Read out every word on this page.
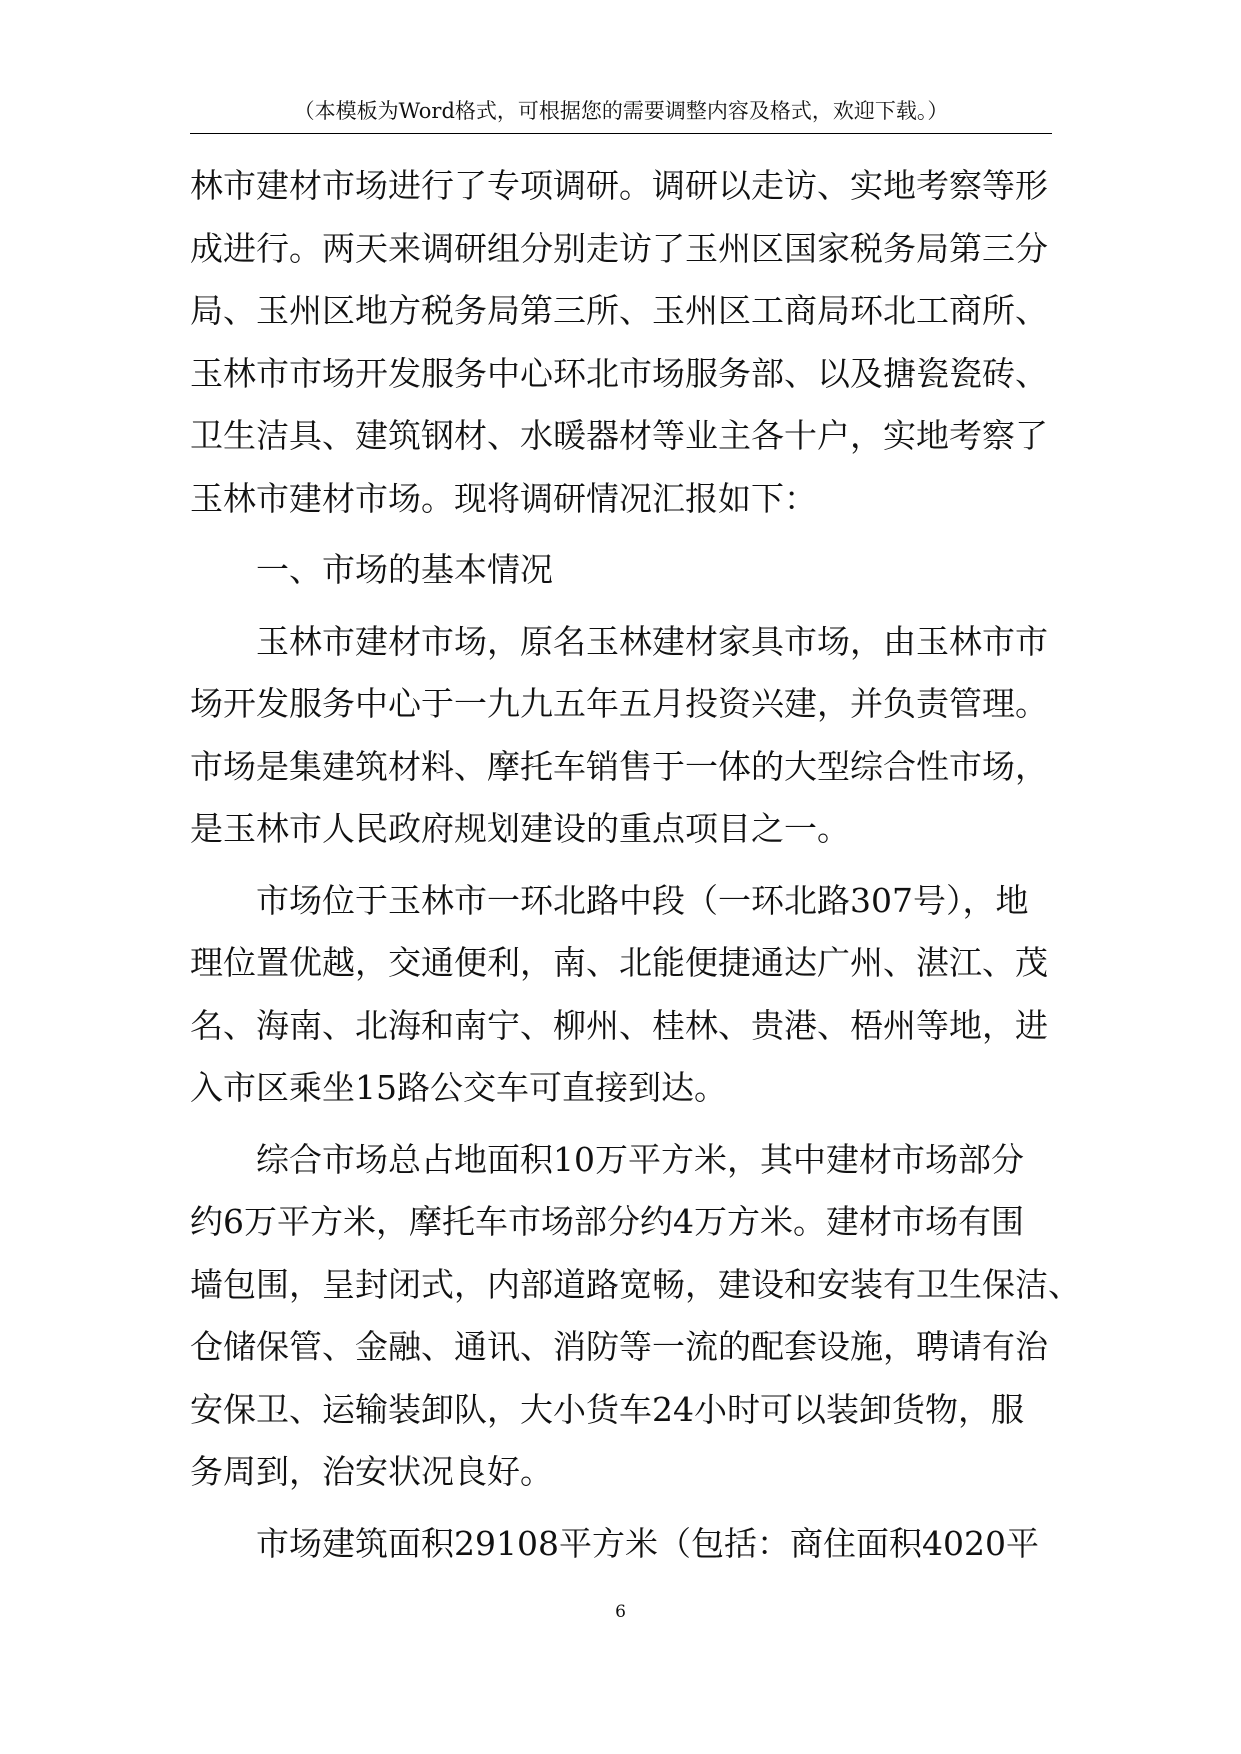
（本模板为Word格式，可根据您的需要调整内容及格式，欢迎下载。）
林市建材市场进行了专项调研。调研以走访、实地考察等形
成进行。两天来调研组分别走访了玉州区国家税务局第三分
局、玉州区地方税务局第三所、玉州区工商局环北工商所、
玉林市市场开发服务中心环北市场服务部、以及搪瓷瓷砖、
卫生洁具、建筑钢材、水暖器材等业主各十户，实地考察了
玉林市建材市场。现将调研情况汇报如下：
一、市场的基本情况
玉林市建材市场，原名玉林建材家具市场，由玉林市市
场开发服务中心于一九九五年五月投资兴建，并负责管理。
市场是集建筑材料、摩托车销售于一体的大型综合性市场，
是玉林市人民政府规划建设的重点项目之一。
市场位于玉林市一环北路中段（一环北路307号），地
理位置优越，交通便利，南、北能便捷通达广州、湛江、茂
名、海南、北海和南宁、柳州、桂林、贵港、梧州等地，进
入市区乘坐15路公交车可直接到达。
综合市场总占地面积10万平方米，其中建材市场部分
约6万平方米，摩托车市场部分约4万方米。建材市场有围
墙包围，呈封闭式，内部道路宽畅，建设和安装有卫生保洁、
仓储保管、金融、通讯、消防等一流的配套设施，聘请有治
安保卫、运输装卸队，大小货车24小时可以装卸货物，服
务周到，治安状况良好。
市场建筑面积29108平方米（包括：商住面积4020平
6
